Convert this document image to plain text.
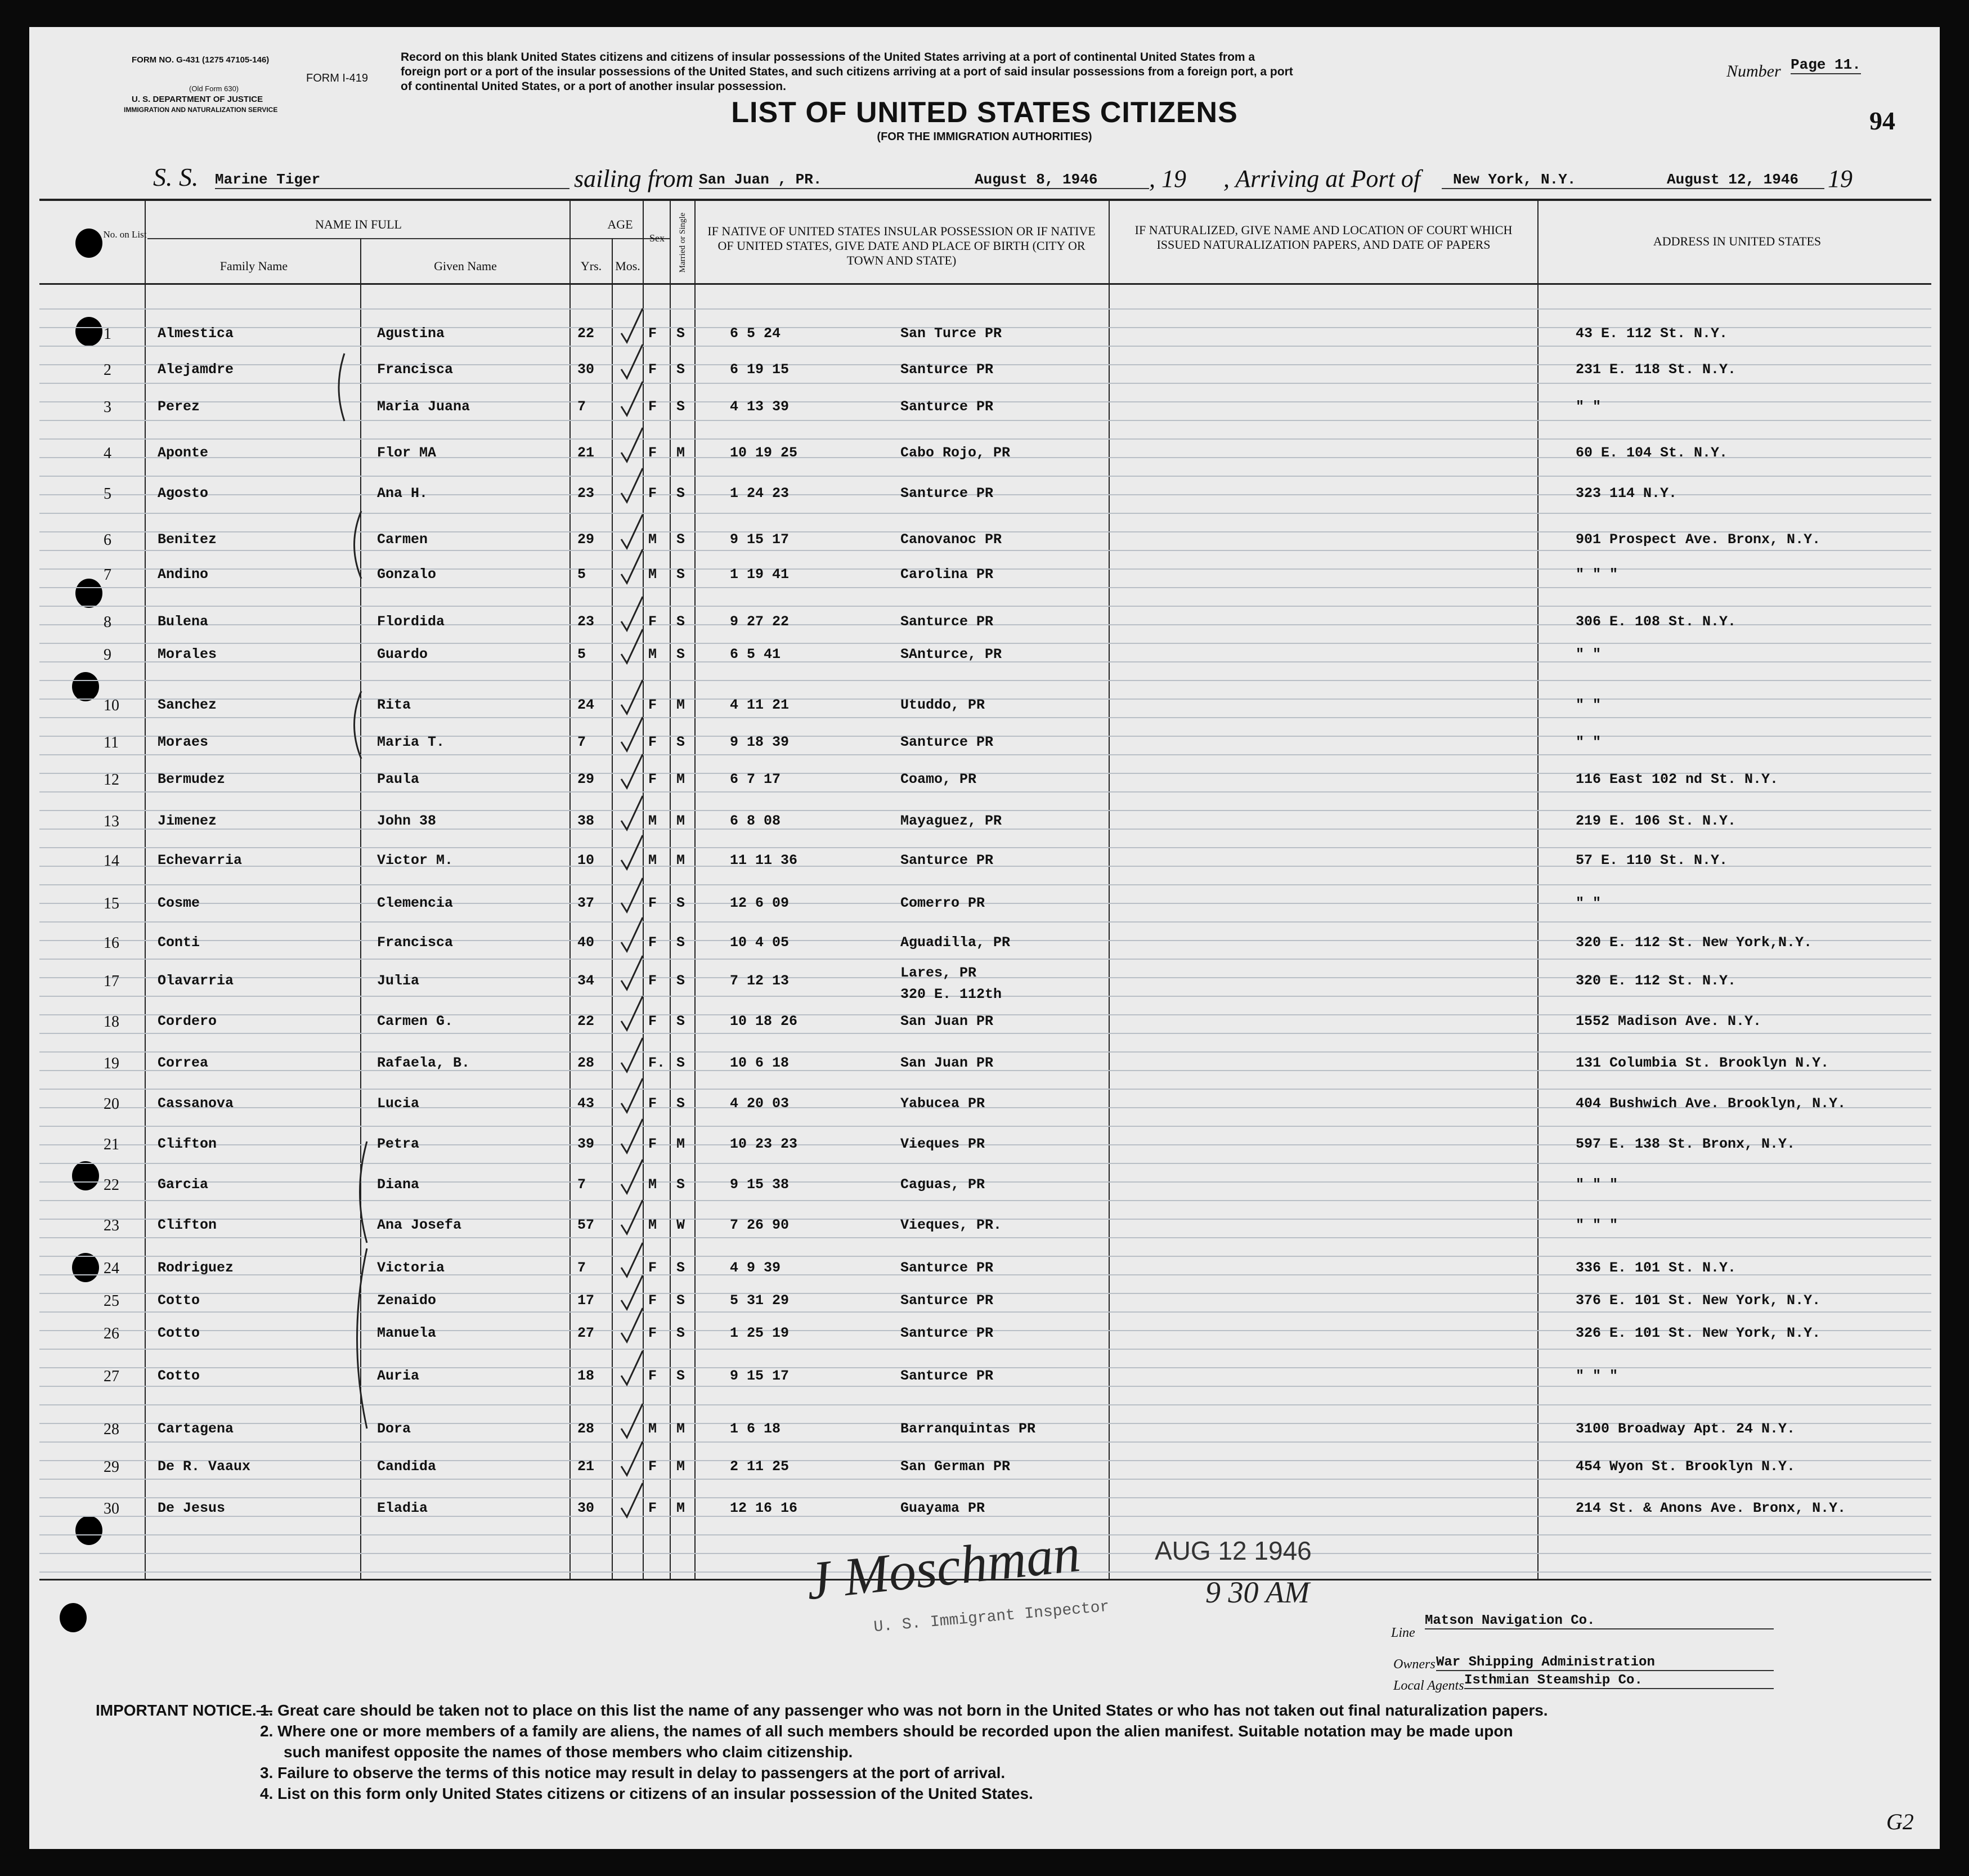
FORM NO. G-431 (1275 47105-146)
FORM I-419
(Old Form 630)
U. S. DEPARTMENT OF JUSTICE
IMMIGRATION AND NATURALIZATION SERVICE
Record on this blank United States citizens and citizens of insular possessions of the United States arriving at a port of continental United States from a
foreign port or a port of the insular possessions of the United States, and such citizens arriving at a port of said insular possessions from a foreign port, a port
of continental United States, or a port of another insular possession.
Number Page 11.
94
LIST OF UNITED STATES CITIZENS
(FOR THE IMMIGRATION AUTHORITIES)
S. S. Marine Tiger	sailing from San Juan , PR.	August 8, 1946	, 19 , Arriving at Port of	New York, N.Y.	August 12, 1946	19
No. on List
NAME IN FULL
Family Name	Given Name
AGE
Yrs.	Mos.
Sex	Married or Single IF NATIVE OF UNITED STATES INSULAR POSSESSION OR IF NATIVE OF UNITED STATES, GIVE DATE AND PLACE OF BIRTH (CITY OR TOWN AND STATE)
IF NATURALIZED, GIVE NAME AND LOCATION OF COURT WHICH ISSUED NATURALIZATION PAPERS, AND DATE OF PAPERS	ADDRESS IN UNITED STATES
1	Almestica	Agustina	22	F S	6 5 24	San Turce PR	43 E. 112 St. N.Y.
2	Alejamdre	Francisca	30	F S	6 19 15	Santurce PR	231 E. 118 St. N.Y.
3	Perez	Maria Juana	7	F S	4 13 39	Santurce PR	" "
4	Aponte	Flor MA	21	F M	10 19 25	Cabo Rojo, PR	60 E. 104 St. N.Y.
5	Agosto	Ana H.	23	F S	1 24 23	Santurce PR	323 114 N.Y.
6	Benitez	Carmen	29	M S	9 15 17	Canovanoc PR	901 Prospect Ave. Bronx, N.Y.
7	Andino	Gonzalo	5	M S	1 19 41	Carolina PR	" " "
8	Bulena	Flordida	23	F S	9 27 22	Santurce PR	306 E. 108 St. N.Y.
9	Morales	Guardo	5	M S	6 5 41	SAnturce, PR	" "
10	Sanchez	Rita	24	F M	4 11 21	Utuddo, PR	" "
11	Moraes	Maria T.	7	F S	9 18 39	Santurce PR	" "
12	Bermudez	Paula	29	F M	6 7 17	Coamo, PR	116 East 102 nd St. N.Y.
13	Jimenez	John 38	38	M M	6 8 08	Mayaguez, PR	219 E. 106 St. N.Y.
14	Echevarria	Victor M.	10	M M	11 11 36	Santurce PR	57 E. 110 St. N.Y.
15	Cosme	Clemencia	37	F S	12 6 09	Comerro PR	" "
16	Conti	Francisca	40	F S	10 4 05	Aguadilla, PR	320 E. 112 St. New York,N.Y.
17	Olavarria	Julia	34	F S	7 12 13	Lares, PR	320 E. 112 St. N.Y.
320 E. 112th
18	Cordero	Carmen G.	22	F S	10 18 26	San Juan PR	1552 Madison Ave. N.Y.
19	Correa	Rafaela, B.	28	F. S	10 6 18	San Juan PR	131 Columbia St. Brooklyn N.Y.
20	Cassanova	Lucia	43	F S	4 20 03	Yabucea PR	404 Bushwich Ave. Brooklyn, N.Y.
21	Clifton	Petra	39	F M	10 23 23	Vieques PR	597 E. 138 St. Bronx, N.Y.
22	Garcia	Diana	7	M S	9 15 38	Caguas, PR	" " "
23	Clifton	Ana Josefa	57	M W	7 26 90	Vieques, PR.	" " "
24	Rodriguez	Victoria	7	F S	4 9 39	Santurce PR	336 E. 101 St. N.Y.
25	Cotto	Zenaido	17	F S	5 31 29	Santurce PR	376 E. 101 St. New York, N.Y.
26	Cotto	Manuela	27	F S	1 25 19	Santurce PR	326 E. 101 St. New York, N.Y.
27	Cotto	Auria	18	F S	9 15 17	Santurce PR	" " "
28	Cartagena	Dora	28	M M	1 6 18	Barranquintas PR	3100 Broadway Apt. 24 N.Y.
29	De R. Vaaux	Candida	21	F M	2 11 25	San German PR	454 Wyon St. Brooklyn N.Y.
30	De Jesus	Eladia	30	F M	12 16 16	Guayama PR	214 St. & Anons Ave. Bronx, N.Y.
J Moschman
U. S. Immigrant Inspector
AUG 12 1946
9 30 AM
Line
Matson Navigation Co.
Owners War Shipping Administration
Local Agents Isthmian Steamship Co.
IMPORTANT NOTICE.—
1. Great care should be taken not to place on this list the name of any passenger who was not born in the United States or who has not taken out final naturalization papers.
2. Where one or more members of a family are aliens, the names of all such members should be recorded upon the alien manifest. Suitable notation may be made upon
such manifest opposite the names of those members who claim citizenship.
3. Failure to observe the terms of this notice may result in delay to passengers at the port of arrival.
4. List on this form only United States citizens or citizens of an insular possession of the United States.
G2
